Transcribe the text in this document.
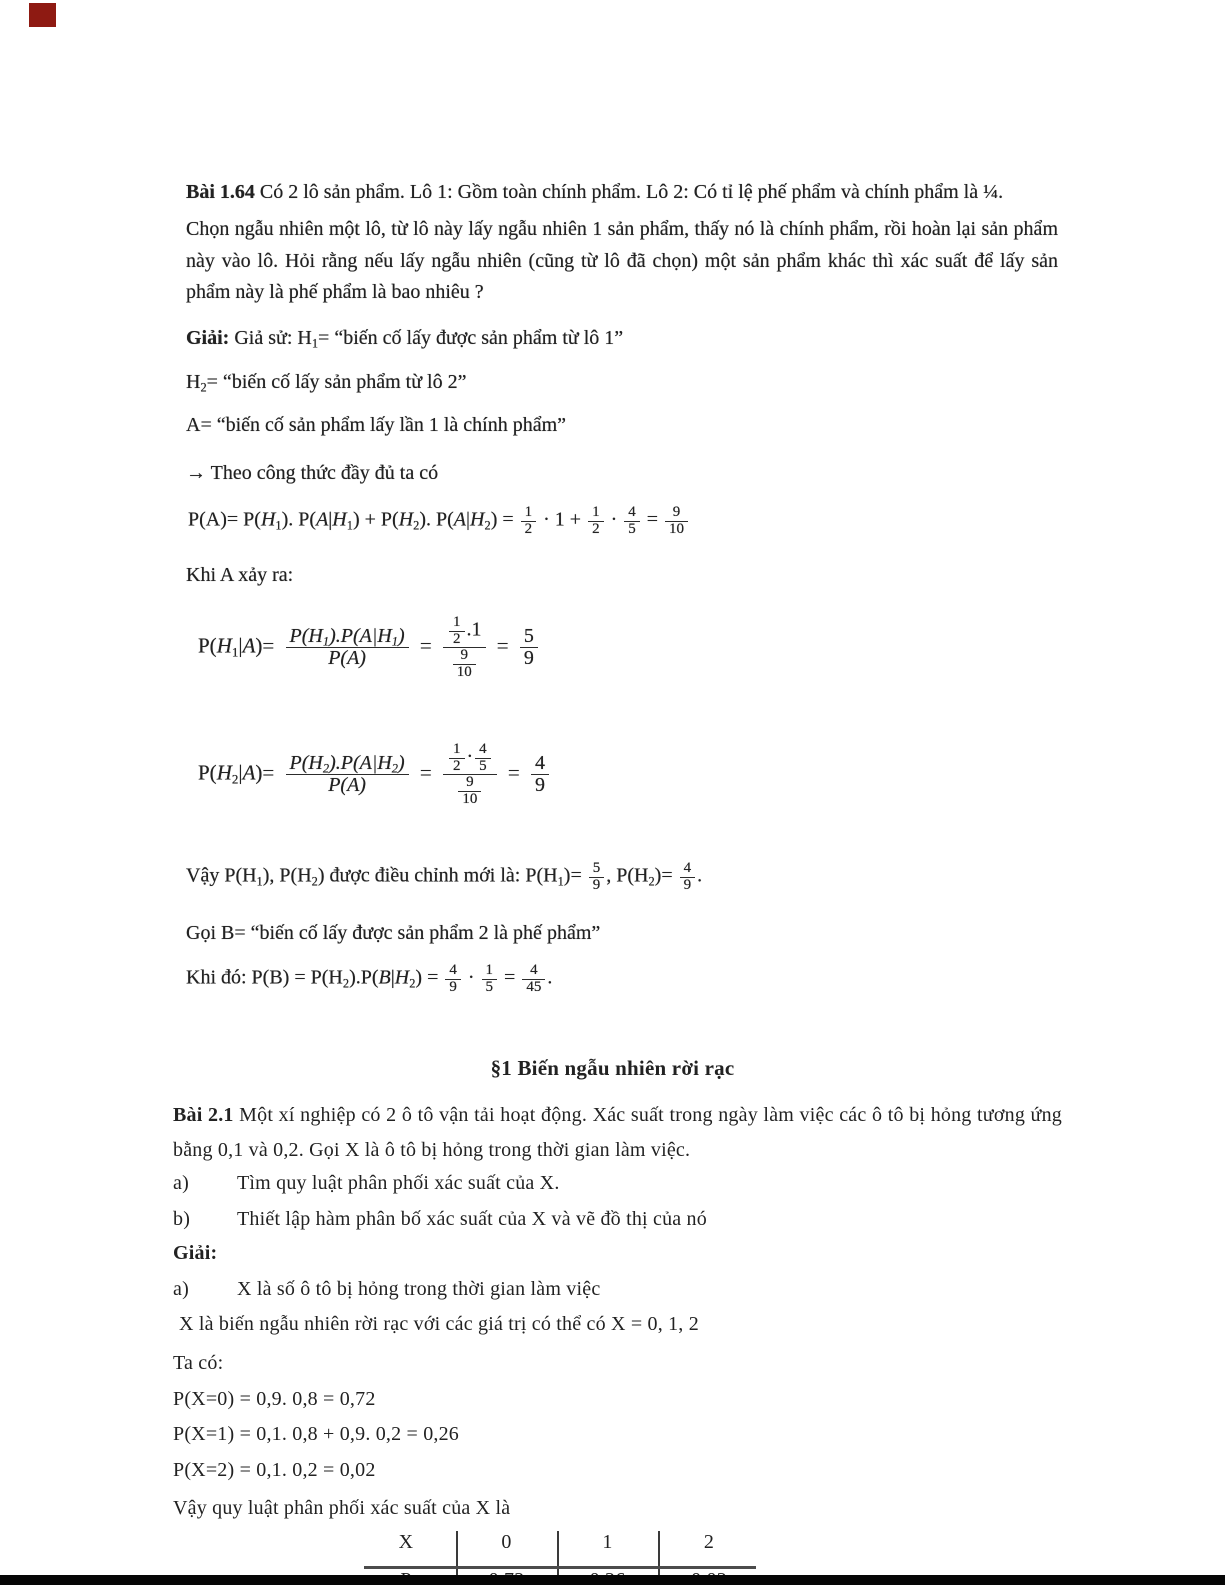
Bài 1.64 Có 2 lô sản phẩm. Lô 1: Gồm toàn chính phẩm. Lô 2: Có tỉ lệ phế phẩm và chính phẩm là ¼.
Chọn ngẫu nhiên một lô, từ lô này lấy ngẫu nhiên 1 sản phẩm, thấy nó là chính phẩm, rồi hoàn lại sản phẩm này vào lô. Hỏi rằng nếu lấy ngẫu nhiên (cũng từ lô đã chọn) một sản phẩm khác thì xác suất để lấy sản phẩm này là phế phẩm là bao nhiêu ?
Giải: Giả sử: $H_1=$ “biến cố lấy được sản phẩm từ lô 1”
$H_2=$ “biến cố lấy sản phẩm từ lô 2”
A= “biến cố sản phẩm lấy lần 1 là chính phẩm”
→ Theo công thức đầy đủ ta có
$P(A)= P(H_1)$. $P(A|H_1) + P(H_2)$. $P(A|H_2) = \frac{1}{2} \cdot 1 + \frac{1}{2} \cdot \frac{4}{5} = \frac{9}{10}$
Khi A xảy ra:
$P(H_1|A)= \frac{P(H_1).P(A|H_1)}{P(A)} = \frac{\frac{1}{2} .1}{\frac{9}{10}} = \frac{5}{9}$
$P(H_2|A)= \frac{P(H_2).P(A|H_2)}{P(A)} = \frac{\frac{1}{2} \cdot \frac{4}{5}}{\frac{9}{10}} = \frac{4}{9}$
Vậy $P(H_1)$, $P(H_2)$ được điều chỉnh mới là: $P(H_1)= \frac{5}{9}$ , $P(H_2)= \frac{4}{9}$ .
Gọi B= “biến cố lấy được sản phẩm 2 là phế phẩm”
Khi đó: $P(B) = P(H_2).P(B|H_2) = \frac{4}{9} \cdot \frac{1}{5} = \frac{4}{45}$ .
§1 Biến ngẫu nhiên rời rạc
Bài 2.1 Một xí nghiệp có 2 ô tô vận tải hoạt động. Xác suất trong ngày làm việc các ô tô bị hỏng tương ứng bằng 0,1 và 0,2. Gọi X là ô tô bị hỏng trong thời gian làm việc.
a)	Tìm quy luật phân phối xác suất của X.
b)	Thiết lập hàm phân bố xác suất của X và vẽ đồ thị của nó
Giải:
a)	X là số ô tô bị hỏng trong thời gian làm việc
X là biến ngẫu nhiên rời rạc với các giá trị có thể có X = 0, 1, 2
Ta có:
P(X=0) = 0,9. 0,8 = 0,72
P(X=1) = 0,1. 0,8 + 0,9. 0,2 = 0,26
P(X=2) = 0,1. 0,2 = 0,02
Vậy quy luật phân phối xác suất của X là
X	0	1	2
